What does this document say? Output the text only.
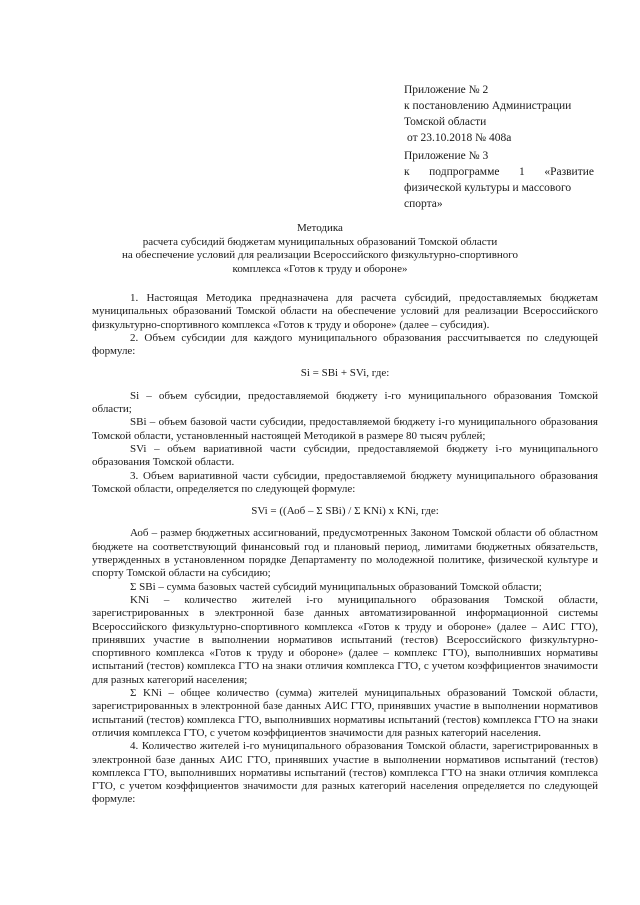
Приложение № 2
к постановлению Администрации
Томской области
от 23.10.2018 № 408а
Приложение № 3
к подпрограмме 1 «Развитие
физической культуры и массового
спорта»
Методика
расчета субсидий бюджетам муниципальных образований Томской области
на обеспечение условий для реализации Всероссийского физкультурно-спортивного
комплекса «Готов к труду и обороне»

1. Настоящая Методика предназначена для расчета субсидий, предоставляемых бюджетам муниципальных образований Томской области на обеспечение условий для реализации Всероссийского физкультурно-спортивного комплекса «Готов к труду и обороне» (далее – субсидия).

2. Объем субсидии для каждого муниципального образования рассчитывается по следующей формуле:

Si = SBi + SVi, где:

Si – объем субсидии, предоставляемой бюджету i-го муниципального образования Томской области;

SBi – объем базовой части субсидии, предоставляемой бюджету i-го муниципального образования Томской области, установленный настоящей Методикой в размере 80 тысяч рублей;

SVi – объем вариативной части субсидии, предоставляемой бюджету i-го муниципального образования Томской области.

3. Объем вариативной части субсидии, предоставляемой бюджету муниципального образования Томской области, определяется по следующей формуле:

SVi = ((Аоб – Σ SBi) / Σ KNi) x KNi, где:

Аоб – размер бюджетных ассигнований, предусмотренных Законом Томской области об областном бюджете на соответствующий финансовый год и плановый период, лимитами бюджетных обязательств, утвержденных в установленном порядке Департаменту по молодежной политике, физической культуре и спорту Томской области на субсидию;

Σ SBi – сумма базовых частей субсидий муниципальных образований Томской области;

KNi – количество жителей i-го муниципального образования Томской области, зарегистрированных в электронной базе данных автоматизированной информационной системы Всероссийского физкультурно-спортивного комплекса «Готов к труду и обороне» (далее – АИС ГТО), принявших участие в выполнении нормативов испытаний (тестов) Всероссийского физкультурно-спортивного комплекса «Готов к труду и обороне» (далее – комплекс ГТО), выполнивших нормативы испытаний (тестов) комплекса ГТО на знаки отличия комплекса ГТО, с учетом коэффициентов значимости для разных категорий населения;

Σ KNi – общее количество (сумма) жителей муниципальных образований Томской области, зарегистрированных в электронной базе данных АИС ГТО, принявших участие в выполнении нормативов испытаний (тестов) комплекса ГТО, выполнивших нормативы испытаний (тестов) комплекса ГТО на знаки отличия комплекса ГТО, с учетом коэффициентов значимости для разных категорий населения.

4. Количество жителей i-го муниципального образования Томской области, зарегистрированных в электронной базе данных АИС ГТО, принявших участие в выполнении нормативов испытаний (тестов) комплекса ГТО, выполнивших нормативы испытаний (тестов) комплекса ГТО на знаки отличия комплекса ГТО, с учетом коэффициентов значимости для разных категорий населения определяется по следующей формуле:
